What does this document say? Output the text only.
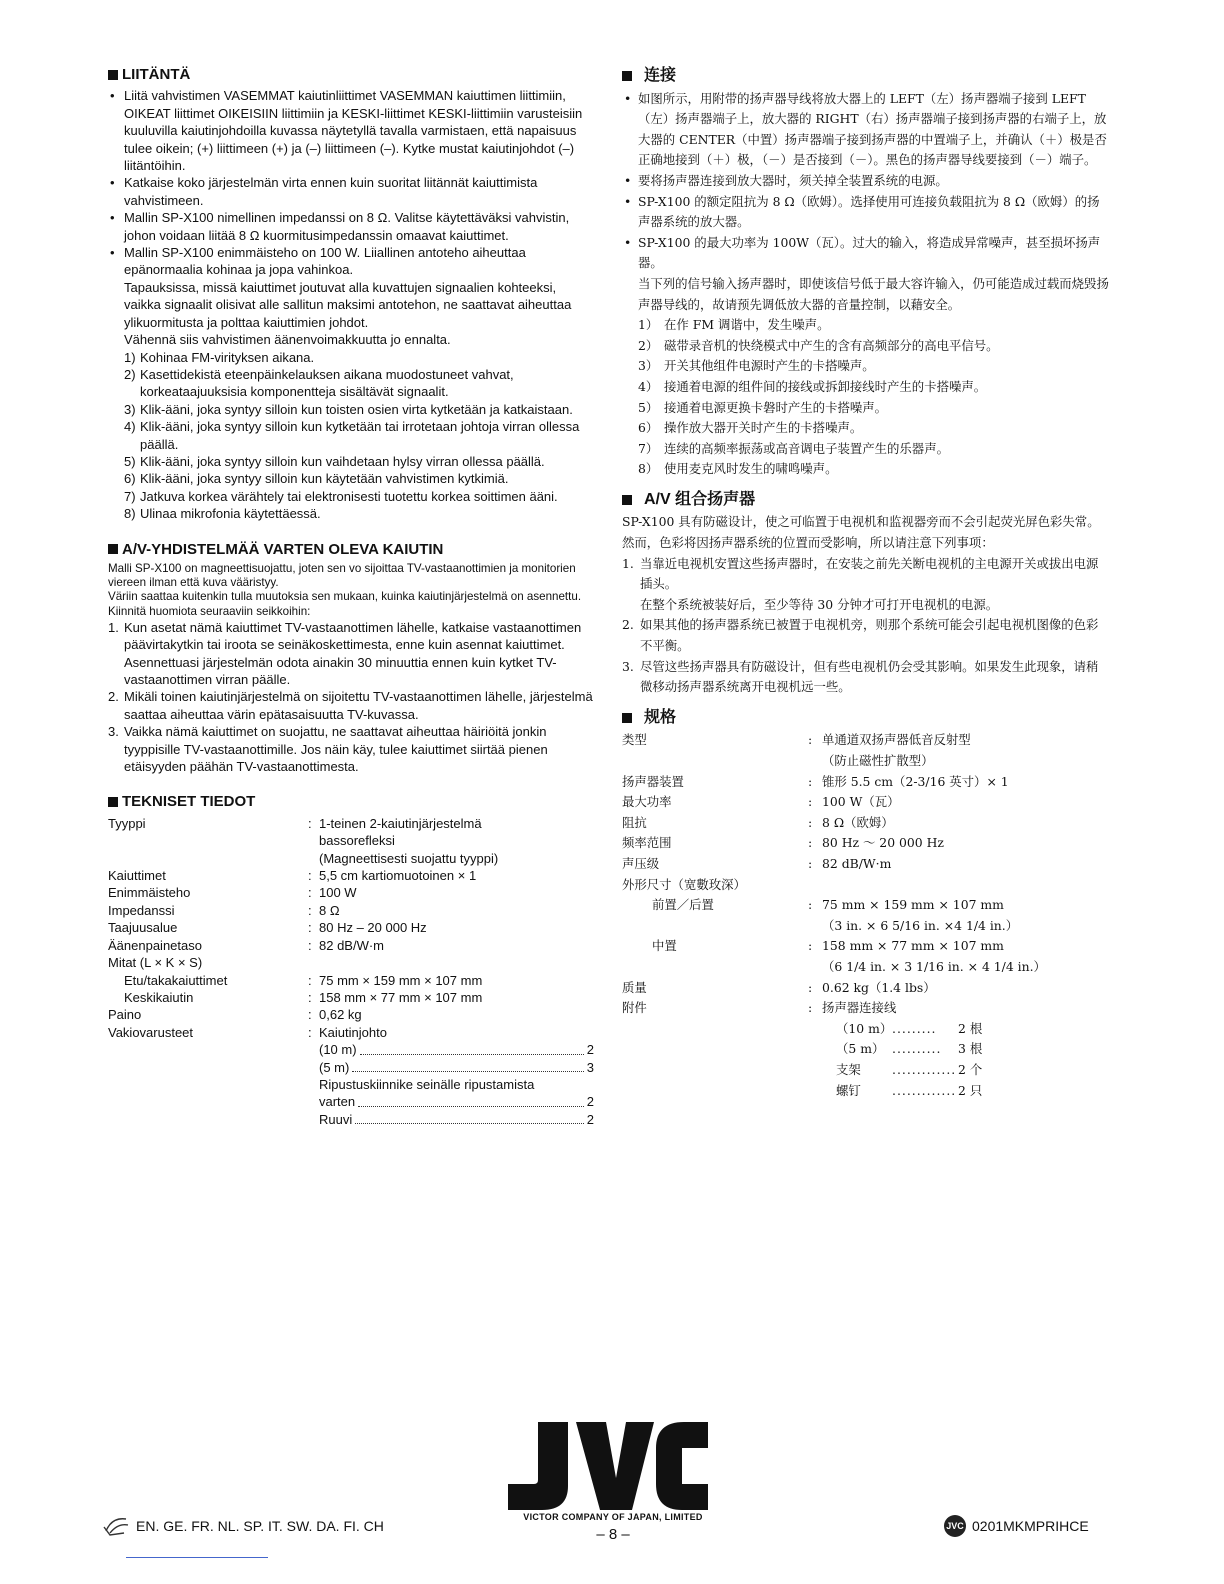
LIITÄNTÄ
• Liitä vahvistimen VASEMMAT kaiutinliittimet VASEMMAN kaiuttimen liittimiin, OIKEAT liittimet OIKEISIIN liittimiin ja KESKI-liittimet KESKI-liittimiin varusteisiin kuuluvilla kaiutinjohdoilla kuvassa näytetyllä tavalla varmistaen, että napaisuus tulee oikein; (+) liittimeen (+) ja (–) liittimeen (–). Kytke mustat kaiutinjohdot (–) liitäntöihin.
• Katkaise koko järjestelmän virta ennen kuin suoritat liitännät kaiuttimista vahvistimeen.
• Mallin SP-X100 nimellinen impedanssi on 8 Ω. Valitse käytettäväksi vahvistin, johon voidaan liitää 8 Ω kuormitusimpedanssin omaavat kaiuttimet.
• Mallin SP-X100 enimmäisteho on 100 W. Liiallinen antoteho aiheuttaa epänormaalia kohinaa ja jopa vahinkoa.
Tapauksissa, missä kaiuttimet joutuvat alla kuvattujen signaalien kohteeksi, vaikka signaalit olisivat alle sallitun maksimi antotehon, ne saattavat aiheuttaa ylikuormitusta ja polttaa kaiuttimien johdot.
Vähennä siis vahvistimen äänenvoimakkuutta jo ennalta.
1) Kohinaa FM-virityksen aikana.
2) Kasettidekistä eteenpäinkelauksen aikana muodostuneet vahvat, korkeataajuuksisia komponentteja sisältävät signaalit.
3) Klik-ääni, joka syntyy silloin kun toisten osien virta kytketään ja katkaistaan.
4) Klik-ääni, joka syntyy silloin kun kytketään tai irrotetaan johtoja virran ollessa päällä.
5) Klik-ääni, joka syntyy silloin kun vaihdetaan hylsy virran ollessa päällä.
6) Klik-ääni, joka syntyy silloin kun käytetään vahvistimen kytkimiä.
7) Jatkuva korkea värähtely tai elektronisesti tuotettu korkea soittimen ääni.
8) Ulinaa mikrofonia käytettäessä.
A/V-YHDISTELMÄÄ VARTEN OLEVA KAIUTIN
Malli SP-X100 on magneettisuojattu, joten sen vo sijoittaa TV-vastaanottimien ja monitorien viereen ilman että kuva vääristyy.
Väriin saattaa kuitenkin tulla muutoksia sen mukaan, kuinka kaiutinjärjestelmä on asennettu.
Kiinnitä huomiota seuraaviin seikkoihin:
1. Kun asetat nämä kaiuttimet TV-vastaanottimen lähelle, katkaise vastaanottimen päävirtakytkin tai iroota se seinäkoskettimesta, enne kuin asennat kaiuttimet.
Asennettuasi järjestelmän odota ainakin 30 minuuttia ennen kuin kytket TV-vastaanottimen virran päälle.
2. Mikäli toinen kaiutinjärjestelmä on sijoitettu TV-vastaanottimen lähelle, järjestelmä saattaa aiheuttaa värin epätasaisuutta TV-kuvassa.
3. Vaikka nämä kaiuttimet on suojattu, ne saattavat aiheuttaa häiriöitä jonkin tyyppisille TV-vastaanottimille. Jos näin käy, tulee kaiuttimet siirtää pienen etäisyyden päähän TV-vastaanottimesta.
TEKNISET TIEDOT
Tyyppi	: 1-teinen 2-kaiutinjärjestelmä
bassorefleksi
(Magneettisesti suojattu tyyppi)
Kaiuttimet	: 5,5 cm kartiomuotoinen × 1
Enimmäisteho	: 100 W
Impedanssi	: 8 Ω
Taajuusalue	: 80 Hz – 20 000 Hz
Äänenpainetaso	: 82 dB/W·m
Mitat (L × K × S)
Etu/takakaiuttimet	: 75 mm × 159 mm × 107 mm
Keskikaiutin	: 158 mm × 77 mm × 107 mm
Paino	: 0,62 kg
Vakiovarusteet	: Kaiutinjohto
(10 m)	2
(5 m)	3
Ripustuskiinnike seinälle ripustamista
varten	2
Ruuvi	2
连接
• 如图所示，用附带的扬声器导线将放大器上的 LEFT（左）扬声器端子接到 LEFT（左）扬声器端子上，放大器的 RIGHT（右）扬声器端子接到扬声器的右端子上，放大器的 CENTER（中置）扬声器端子接到扬声器的中置端子上，并确认（＋）极是否正确地接到（＋）极，（－）是否接到（－）。黑色的扬声器导线要接到（－）端子。
• 要将扬声器连接到放大器时，须关掉全装置系统的电源。
• SP-X100 的额定阻抗为 8 Ω（欧姆）。选择使用可连接负载阻抗为 8 Ω（欧姆）的扬声器系统的放大器。
• SP-X100 的最大功率为 100W（瓦）。过大的输入，将造成异常噪声，甚至损坏扬声器。
当下列的信号输入扬声器时，即使该信号低于最大容许输入，仍可能造成过载而烧毁扬声器导线的，故请预先调低放大器的音量控制，以藉安全。
1） 在作 FM 调谐中，发生噪声。
2） 磁带录音机的快绕模式中产生的含有高频部分的高电平信号。
3） 开关其他组件电源时产生的卡搭噪声。
4） 接通着电源的组件间的接线或拆卸接线时产生的卡搭噪声。
5） 接通着电源更换卡磐时产生的卡搭噪声。
6） 操作放大器开关时产生的卡搭噪声。
7） 连续的高频率振荡或高音调电子装置产生的乐器声。
8） 使用麦克风时发生的啸鸣噪声。
A/V 组合扬声器
SP-X100 具有防磁设计，使之可临置于电视机和监视器旁而不会引起荧光屏色彩失常。然而，色彩将因扬声器系统的位置而受影响，所以请注意下列事项：
1. 当靠近电视机安置这些扬声器时，在安装之前先关断电视机的主电源开关或拔出电源插头。
在整个系统被装好后，至少等待 30 分钟才可打开电视机的电源。
2. 如果其他的扬声器系统已被置于电视机旁，则那个系统可能会引起电视机图像的色彩不平衡。
3. 尽管这些扬声器具有防磁设计，但有些电视机仍会受其影响。如果发生此现象，请稍微移动扬声器系统离开电视机远一些。
规格
类型	: 单通道双扬声器低音反射型
（防止磁性扩散型）
扬声器装置	: 锥形 5.5 cm（2-3/16 英寸）× 1
最大功率	: 100 W（瓦）
阻抗	: 8 Ω（欧姆）
频率范围	: 80 Hz ～ 20 000 Hz
声压级	: 82 dB/W·m
外形尺寸（宽數玫深）
前置／后置	: 75 mm × 159 mm × 107 mm
（3 in. × 6 5/16 in. ×4 1/4 in.）
中置	: 158 mm × 77 mm × 107 mm
（6 1/4 in. × 3 1/16 in. × 4 1/4 in.）
质量	: 0.62 kg（1.4 lbs）
附件	: 扬声器连接线
（10 m） .........	2 根
（5 m） ..........	3 根
支架	............. 2 个
螺钉	............. 2 只
VICTOR COMPANY OF JAPAN, LIMITED
– 8 –
EN. GE. FR. NL. SP. IT. SW. DA. FI. CH	JVC 0201MKMPRIHCE
